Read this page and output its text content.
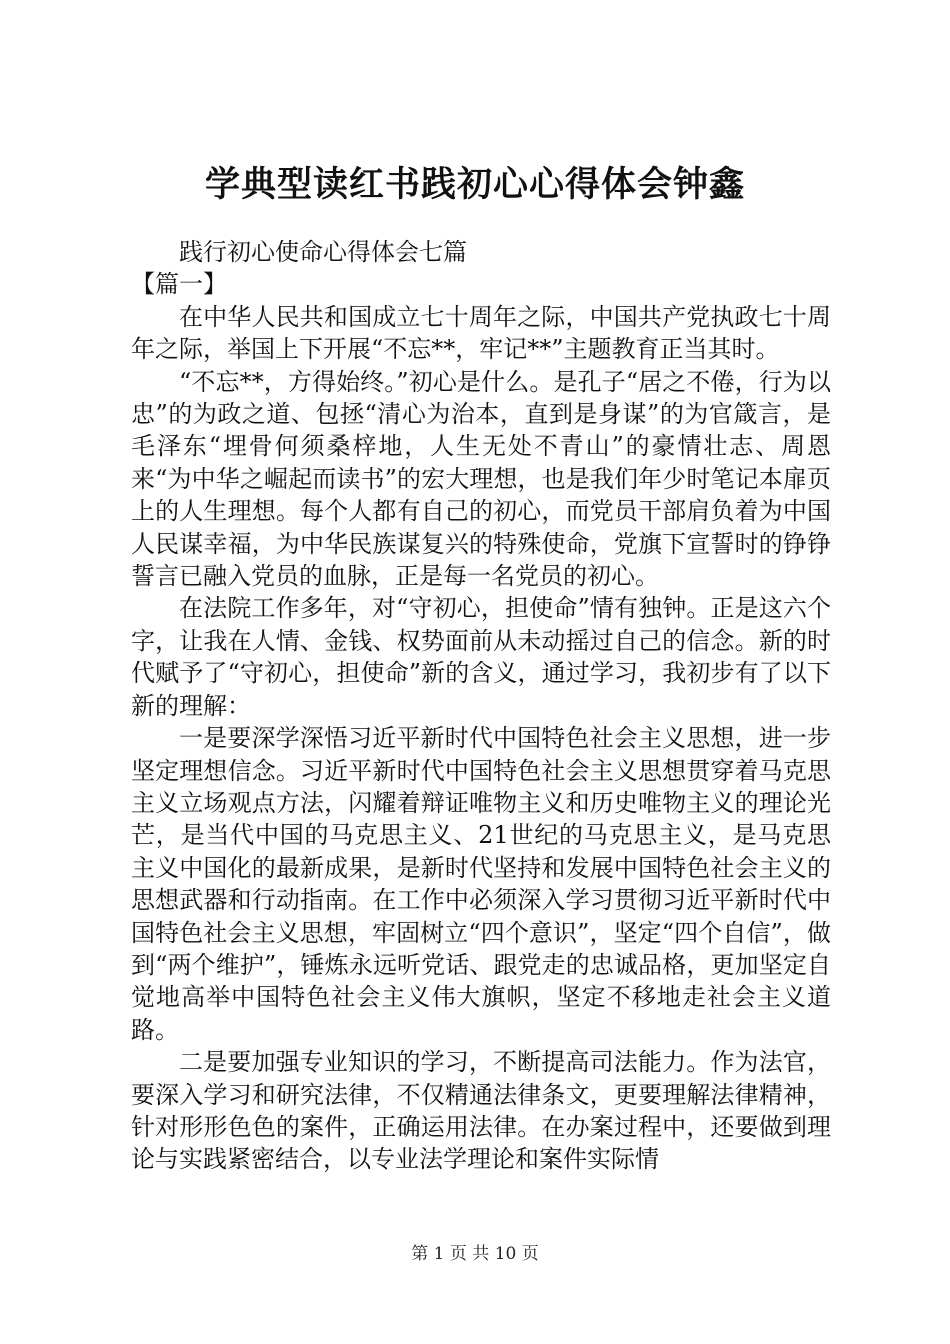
学典型读红书践初心心得体会钟鑫

践行初心使命心得体会七篇

【篇一】

在中华人民共和国成立七十周年之际，中国共产党执政七十周年之际，举国上下开展“不忘**，牢记**”主题教育正当其时。

“不忘**，方得始终。”初心是什么。是孔子“居之不倦，行为以忠”的为政之道、包拯“清心为治本，直到是身谋”的为官箴言，是毛泽东“埋骨何须桑梓地，人生无处不青山”的豪情壮志、周恩来“为中华之崛起而读书”的宏大理想，也是我们年少时笔记本扉页上的人生理想。每个人都有自己的初心，而党员干部肩负着为中国人民谋幸福，为中华民族谋复兴的特殊使命，党旗下宣誓时的铮铮誓言已融入党员的血脉，正是每一名党员的初心。

在法院工作多年，对“守初心，担使命”情有独钟。正是这六个字，让我在人情、金钱、权势面前从未动摇过自己的信念。新的时代赋予了“守初心，担使命”新的含义，通过学习，我初步有了以下新的理解：

一是要深学深悟习近平新时代中国特色社会主义思想，进一步坚定理想信念。习近平新时代中国特色社会主义思想贯穿着马克思主义立场观点方法，闪耀着辩证唯物主义和历史唯物主义的理论光芒，是当代中国的马克思主义、21世纪的马克思主义，是马克思主义中国化的最新成果，是新时代坚持和发展中国特色社会主义的思想武器和行动指南。在工作中必须深入学习贯彻习近平新时代中国特色社会主义思想，牢固树立“四个意识”，坚定“四个自信”，做到“两个维护”，锤炼永远听党话、跟党走的忠诚品格，更加坚定自觉地高举中国特色社会主义伟大旗帜，坚定不移地走社会主义道路。

二是要加强专业知识的学习，不断提高司法能力。作为法官，要深入学习和研究法律，不仅精通法律条文，更要理解法律精神，针对形形色色的案件，正确运用法律。在办案过程中，还要做到理论与实践紧密结合，以专业法学理论和案件实际情

第 1 页 共 10 页
